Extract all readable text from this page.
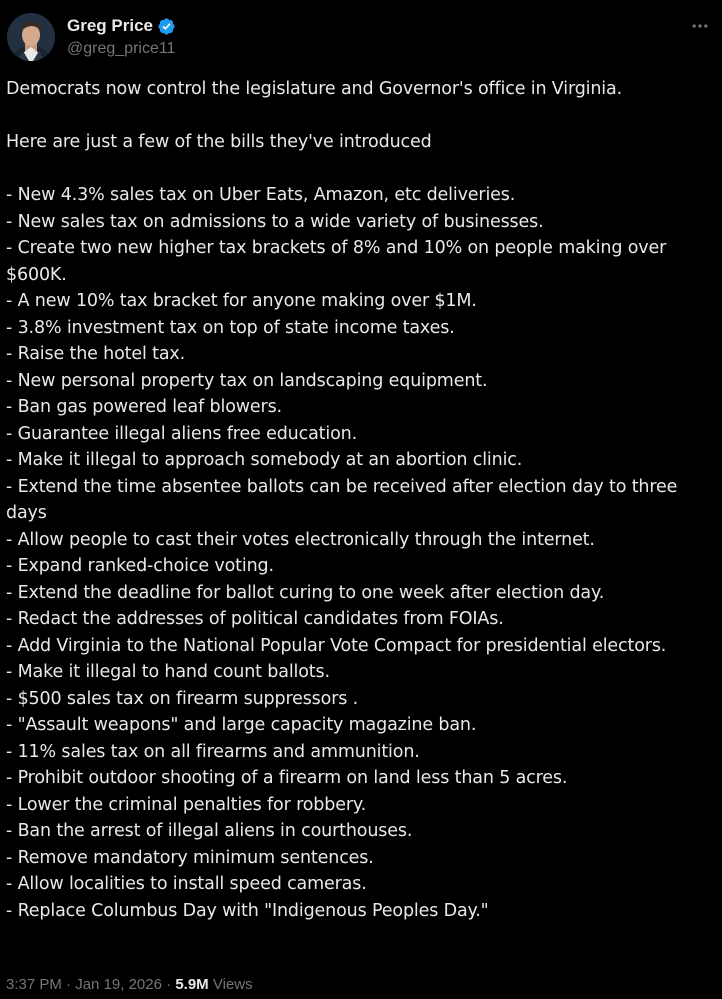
Greg Price
@greg_price11

Democrats now control the legislature and Governor's office in Virginia.

Here are just a few of the bills they've introduced

- New 4.3% sales tax on Uber Eats, Amazon, etc deliveries.

- New sales tax on admissions to a wide variety of businesses.

- Create two new higher tax brackets of 8% and 10% on people making over $600K.

- A new 10% tax bracket for anyone making over $1M.

- 3.8% investment tax on top of state income taxes.

- Raise the hotel tax.

- New personal property tax on landscaping equipment.

- Ban gas powered leaf blowers.

- Guarantee illegal aliens free education.

- Make it illegal to approach somebody at an abortion clinic.

- Extend the time absentee ballots can be received after election day to three days

- Allow people to cast their votes electronically through the internet.

- Expand ranked-choice voting.

- Extend the deadline for ballot curing to one week after election day.

- Redact the addresses of political candidates from FOIAs.

- Add Virginia to the National Popular Vote Compact for presidential electors.

- Make it illegal to hand count ballots.

- $500 sales tax on firearm suppressors .

- "Assault weapons" and large capacity magazine ban.

- 11% sales tax on all firearms and ammunition.

- Prohibit outdoor shooting of a firearm on land less than 5 acres.

- Lower the criminal penalties for robbery.

- Ban the arrest of illegal aliens in courthouses.

- Remove mandatory minimum sentences.

- Allow localities to install speed cameras.

- Replace Columbus Day with "Indigenous Peoples Day."

3:37 PM · Jan 19, 2026 · 5.9M Views
